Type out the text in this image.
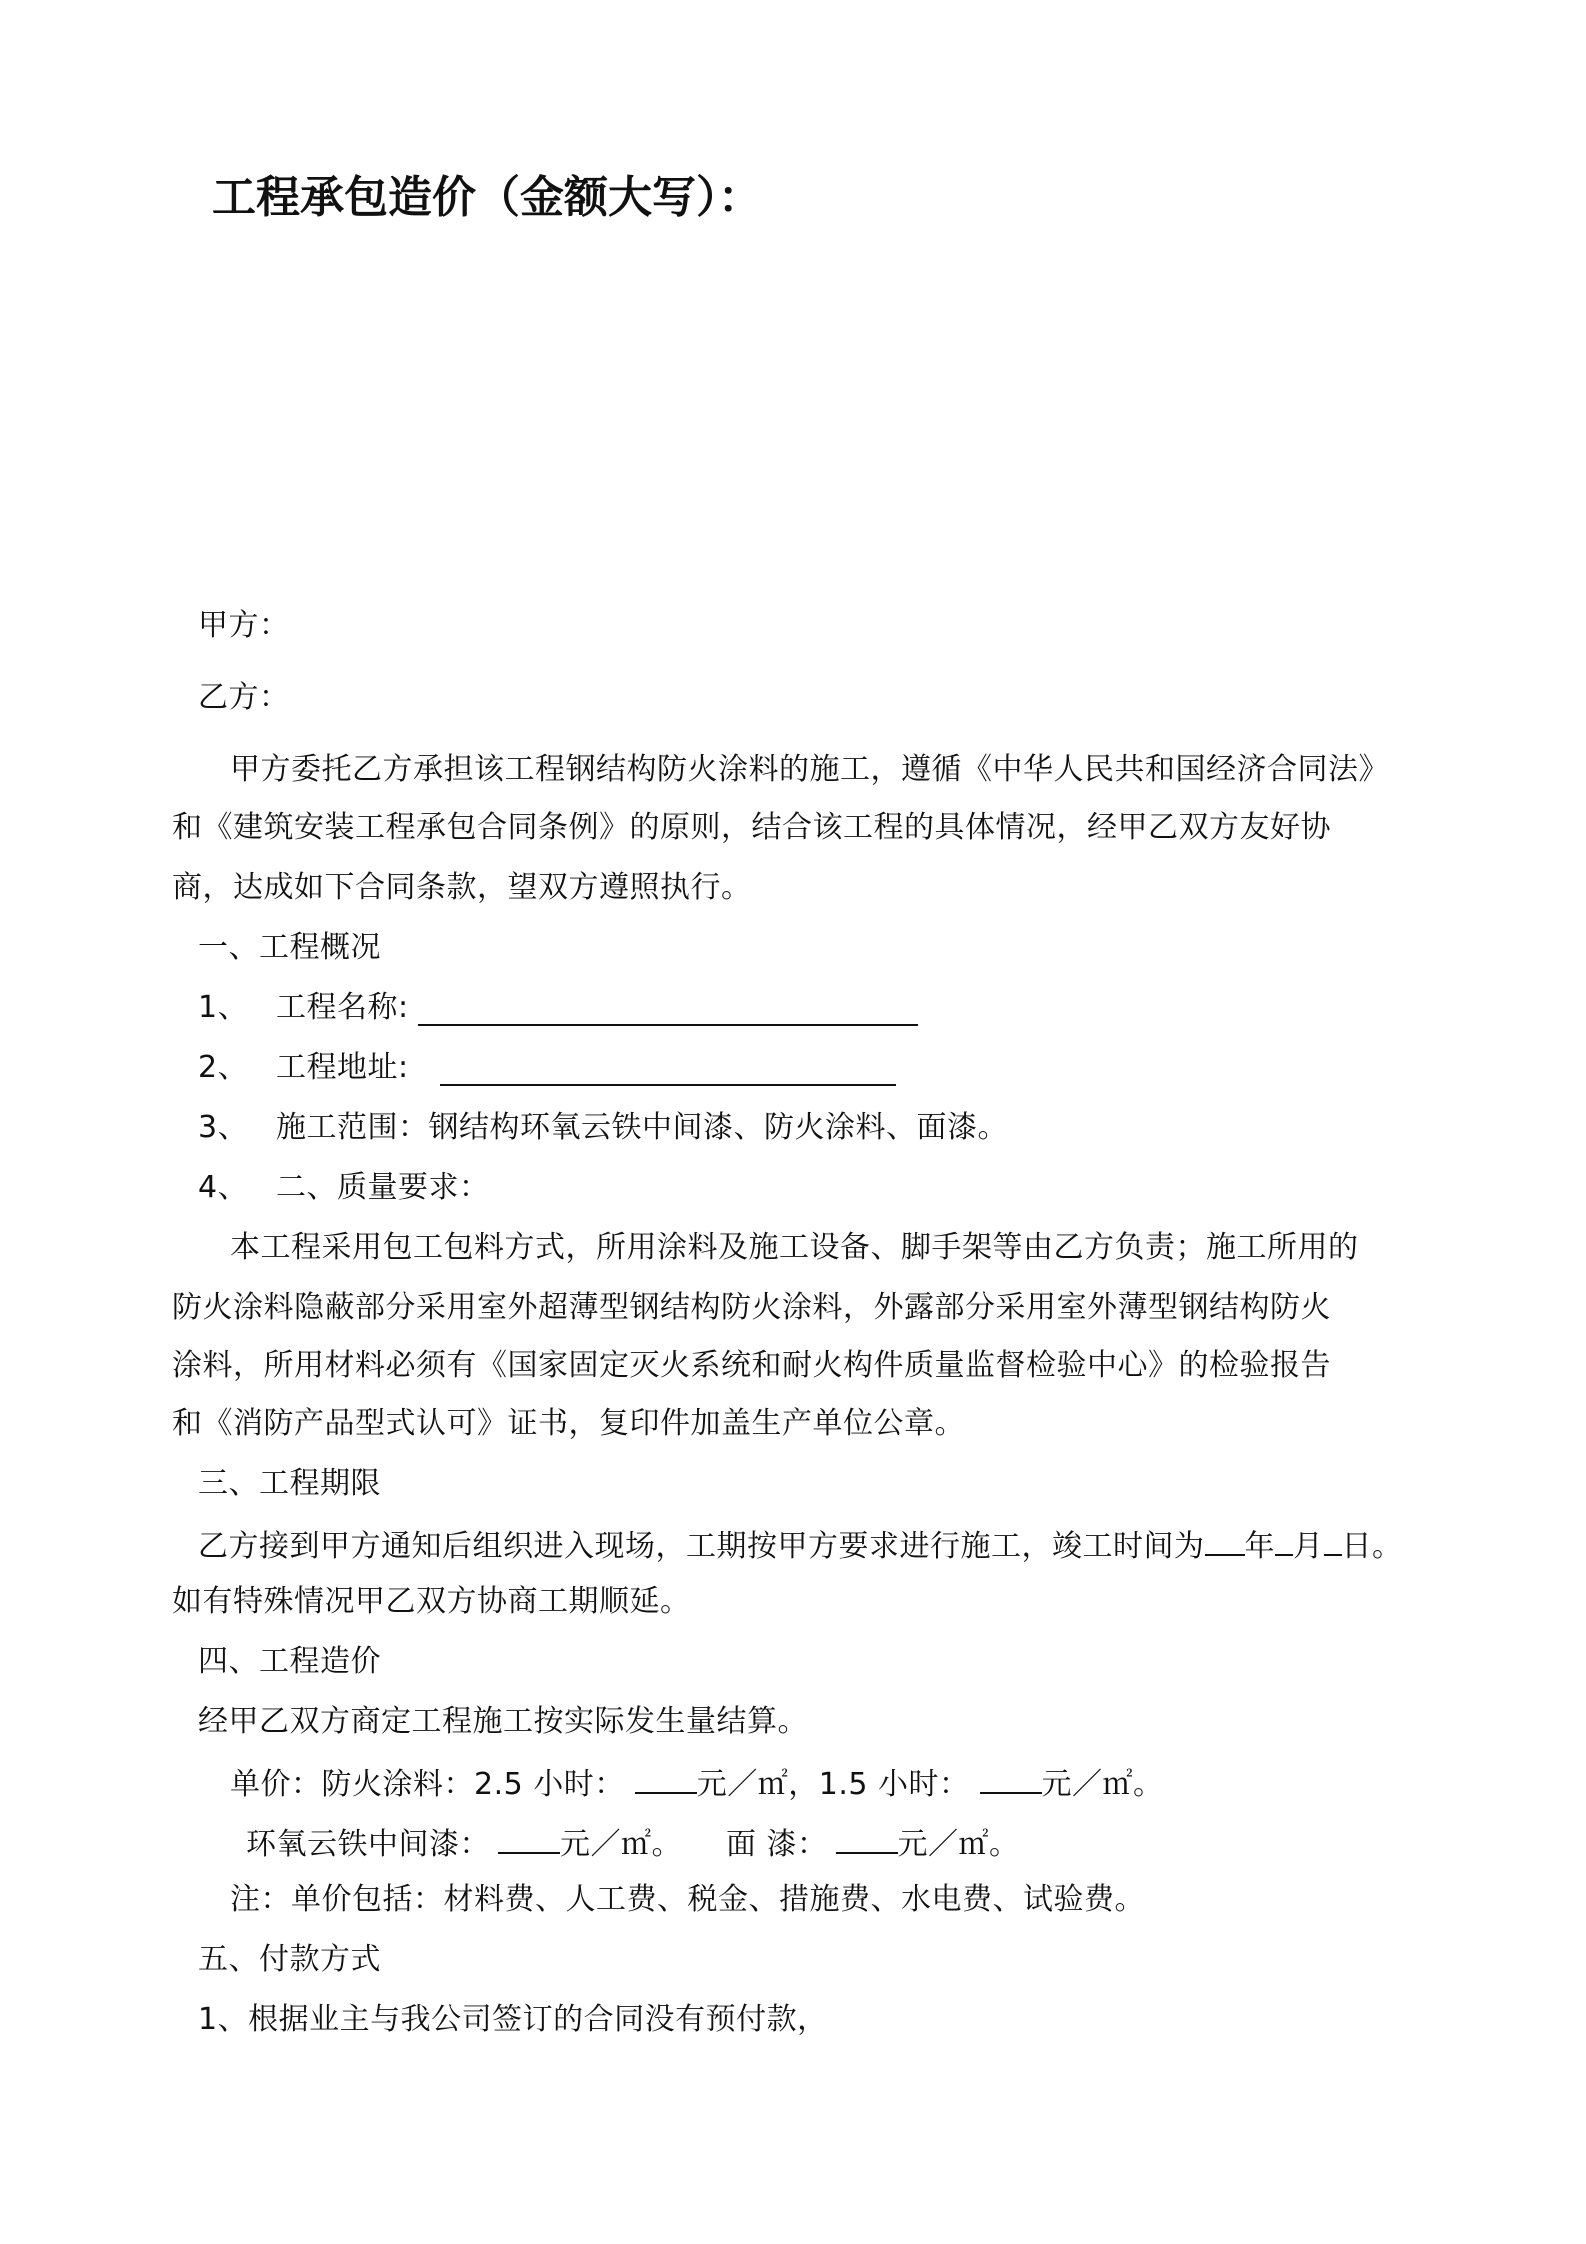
工程承包造价（金额大写）：
甲方：
乙方：
甲方委托乙方承担该工程钢结构防火涂料的施工，遵循《中华人民共和国经济合同法》
和《建筑安装工程承包合同条例》的原则，结合该工程的具体情况，经甲乙双方友好协
商，达成如下合同条款，望双方遵照执行。
一、工程概况
1、 工程名称:
2、 工程地址:
3、 施工范围：钢结构环氧云铁中间漆、防火涂料、面漆。
4、 二、质量要求：
本工程采用包工包料方式，所用涂料及施工设备、脚手架等由乙方负责；施工所用的
防火涂料隐蔽部分采用室外超薄型钢结构防火涂料，外露部分采用室外薄型钢结构防火
涂料，所用材料必须有《国家固定灭火系统和耐火构件质量监督检验中心》的检验报告
和《消防产品型式认可》证书，复印件加盖生产单位公章。
三、工程期限
乙方接到甲方通知后组织进入现场，工期按甲方要求进行施工，竣工时间为 年 月 日。
如有特殊情况甲乙双方协商工期顺延。
四、工程造价
经甲乙双方商定工程施工按实际发生量结算。
单价：防火涂料：2.5 小时： 元／㎡，1.5 小时： 元／㎡。
环氧云铁中间漆： 元／㎡。 面 漆： 元／㎡。
注：单价包括：材料费、人工费、税金、措施费、水电费、试验费。
五、付款方式
1、根据业主与我公司签订的合同没有预付款，
